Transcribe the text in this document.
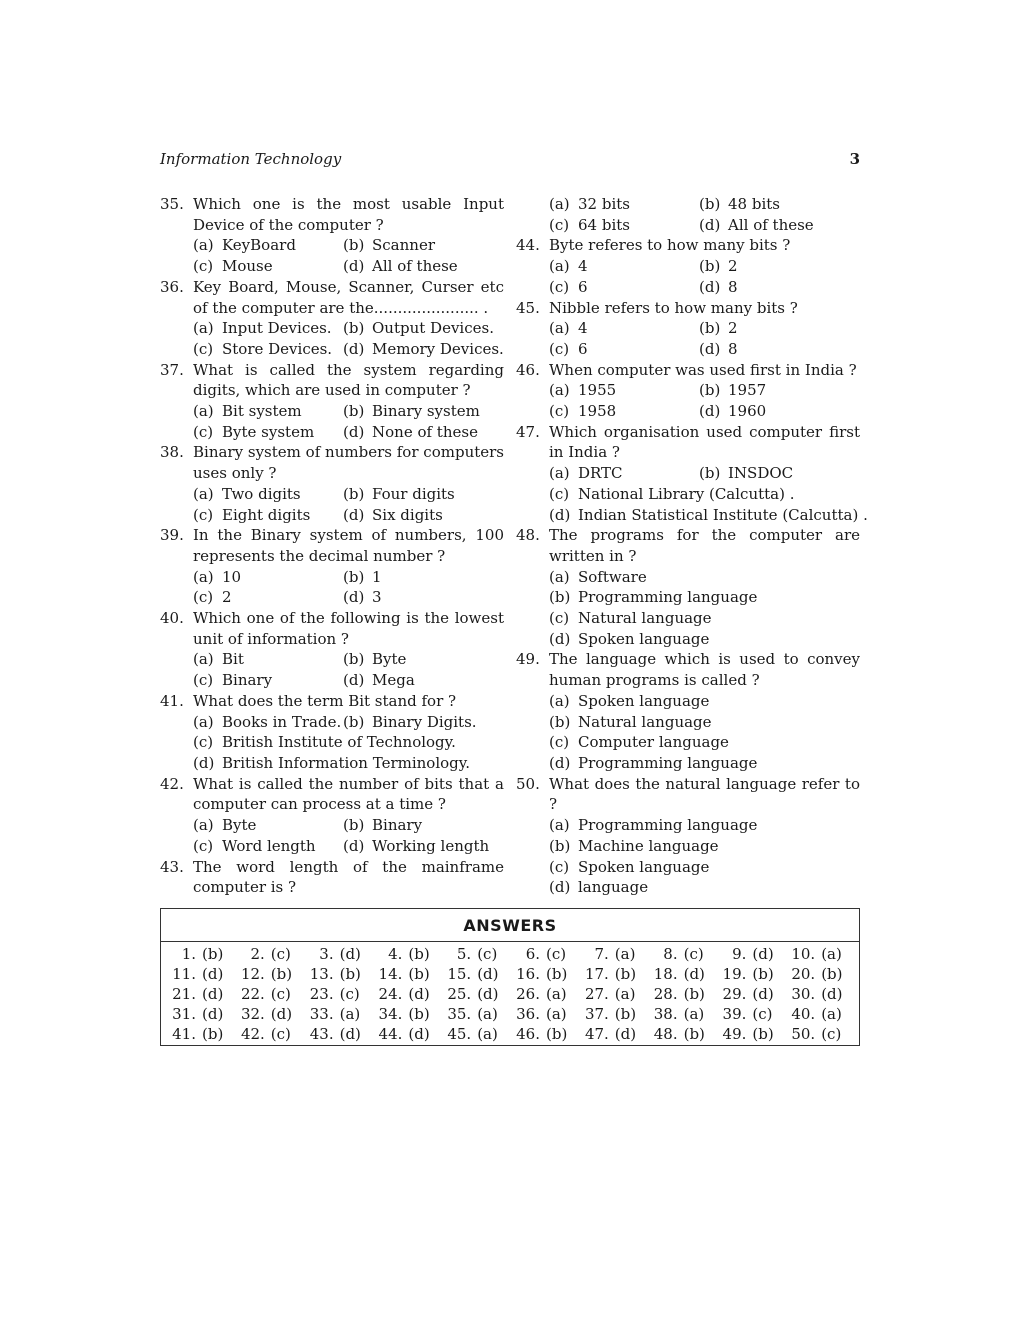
Information Technology	3
35. Which one is the most usable Input Device of the computer ?
(a) KeyBoard	(b) Scanner
(c) Mouse	(d) All of these
36. Key Board, Mouse, Scanner, Curser etc of the computer are the...................... .
(a) Input Devices. (b) Output Devices.
(c) Store Devices. (d) Memory Devices.
37. What is called the system regarding digits, which are used in computer ?
(a) Bit system	(b) Binary system
(c) Byte system	(d) None of these
38. Binary system of numbers for computers uses only ?
(a) Two digits	(b) Four digits
(c) Eight digits	(d) Six digits
39. In the Binary system of numbers, 100 represents the decimal number ?
(a) 10	(b) 1
(c) 2	(d) 3
40. Which one of the following is the lowest unit of information ?
(a) Bit	(b) Byte
(c) Binary	(d) Mega
41. What does the term Bit stand for ?
(a) Books in Trade. (b) Binary Digits.
(c) British Institute of Technology.
(d) British Information Terminology.
42. What is called the number of bits that a computer can process at a time ?
(a) Byte	(b) Binary
(c) Word length	(d) Working length
43. The word length of the mainframe computer is ?
(a) 32 bits	(b) 48 bits
(c) 64 bits	(d) All of these
44. Byte referes to how many bits ?
(a) 4	(b) 2
(c) 6	(d) 8
45. Nibble refers to how many bits ?
(a) 4	(b) 2
(c) 6	(d) 8
46. When computer was used first in India ?
(a) 1955	(b) 1957
(c) 1958	(d) 1960
47. Which organisation used computer first in India ?
(a) DRTC	(b) INSDOC
(c) National Library (Calcutta) .
(d) Indian Statistical Institute (Calcutta) .
48. The programs for the computer are written in ?
(a) Software
(b) Programming language
(c) Natural language
(d) Spoken language
49. The language which is used to convey human programs is called ?
(a) Spoken language
(b) Natural language
(c) Computer language
(d) Programming language
50. What does the natural language refer to ?
(a) Programming language
(b) Machine language
(c) Spoken language
(d) language
ANSWERS
1. (b)	2. (c)	3. (d)	4. (b)	5. (c)	6. (c)	7. (a)	8. (c)	9. (d)	10. (a)
11. (d)	12. (b)	13. (b)	14. (b)	15. (d)	16. (b)	17. (b)	18. (d)	19. (b)	20. (b)
21. (d)	22. (c)	23. (c)	24. (d)	25. (d)	26. (a)	27. (a)	28. (b)	29. (d)	30. (d)
31. (d)	32. (d)	33. (a)	34. (b)	35. (a)	36. (a)	37. (b)	38. (a)	39. (c)	40. (a)
41. (b)	42. (c)	43. (d)	44. (d)	45. (a)	46. (b)	47. (d)	48. (b)	49. (b)	50. (c)
